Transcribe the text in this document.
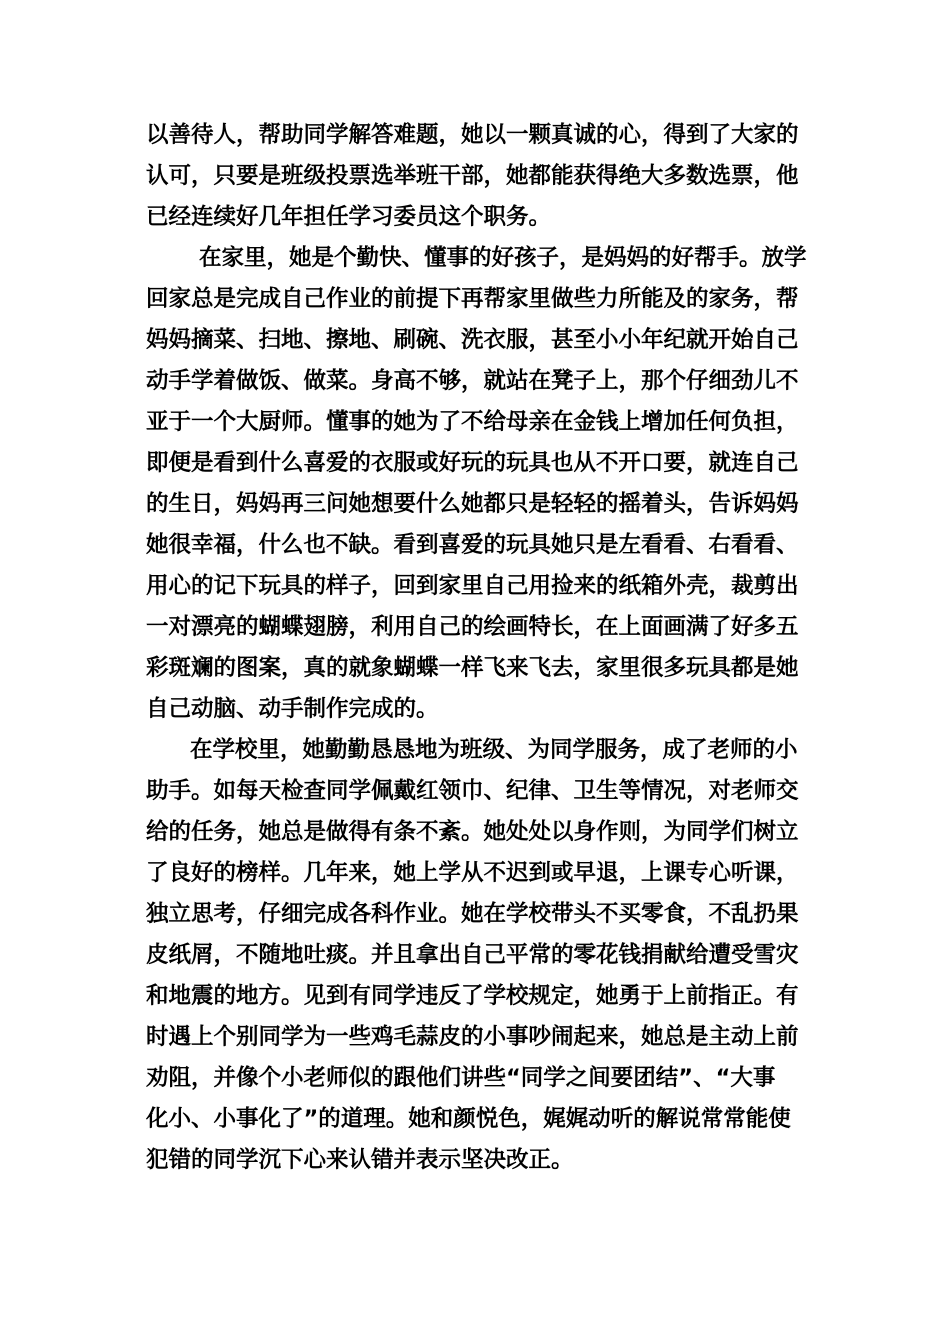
以善待人，帮助同学解答难题，她以一颗真诚的心，得到了大家的
认可，只要是班级投票选举班干部，她都能获得绝大多数选票，他
已经连续好几年担任学习委员这个职务。
在家里，她是个勤快、懂事的好孩子，是妈妈的好帮手。放学
回家总是完成自己作业的前提下再帮家里做些力所能及的家务，帮
妈妈摘菜、扫地、擦地、刷碗、洗衣服，甚至小小年纪就开始自己
动手学着做饭、做菜。身高不够，就站在凳子上，那个仔细劲儿不
亚于一个大厨师。懂事的她为了不给母亲在金钱上增加任何负担，
即便是看到什么喜爱的衣服或好玩的玩具也从不开口要，就连自己
的生日，妈妈再三问她想要什么她都只是轻轻的摇着头，告诉妈妈
她很幸福，什么也不缺。看到喜爱的玩具她只是左看看、右看看、
用心的记下玩具的样子，回到家里自己用捡来的纸箱外壳，裁剪出
一对漂亮的蝴蝶翅膀，利用自己的绘画特长，在上面画满了好多五
彩斑斓的图案，真的就象蝴蝶一样飞来飞去，家里很多玩具都是她
自己动脑、动手制作完成的。
在学校里，她勤勤恳恳地为班级、为同学服务，成了老师的小
助手。如每天检查同学佩戴红领巾、纪律、卫生等情况，对老师交
给的任务，她总是做得有条不紊。她处处以身作则，为同学们树立
了良好的榜样。几年来，她上学从不迟到或早退，上课专心听课，
独立思考，仔细完成各科作业。她在学校带头不买零食，不乱扔果
皮纸屑，不随地吐痰。并且拿出自己平常的零花钱捐献给遭受雪灾
和地震的地方。见到有同学违反了学校规定，她勇于上前指正。有
时遇上个别同学为一些鸡毛蒜皮的小事吵闹起来，她总是主动上前
劝阻，并像个小老师似的跟他们讲些“同学之间要团结”、“大事
化小、小事化了”的道理。她和颜悦色，娓娓动听的解说常常能使
犯错的同学沉下心来认错并表示坚决改正。
